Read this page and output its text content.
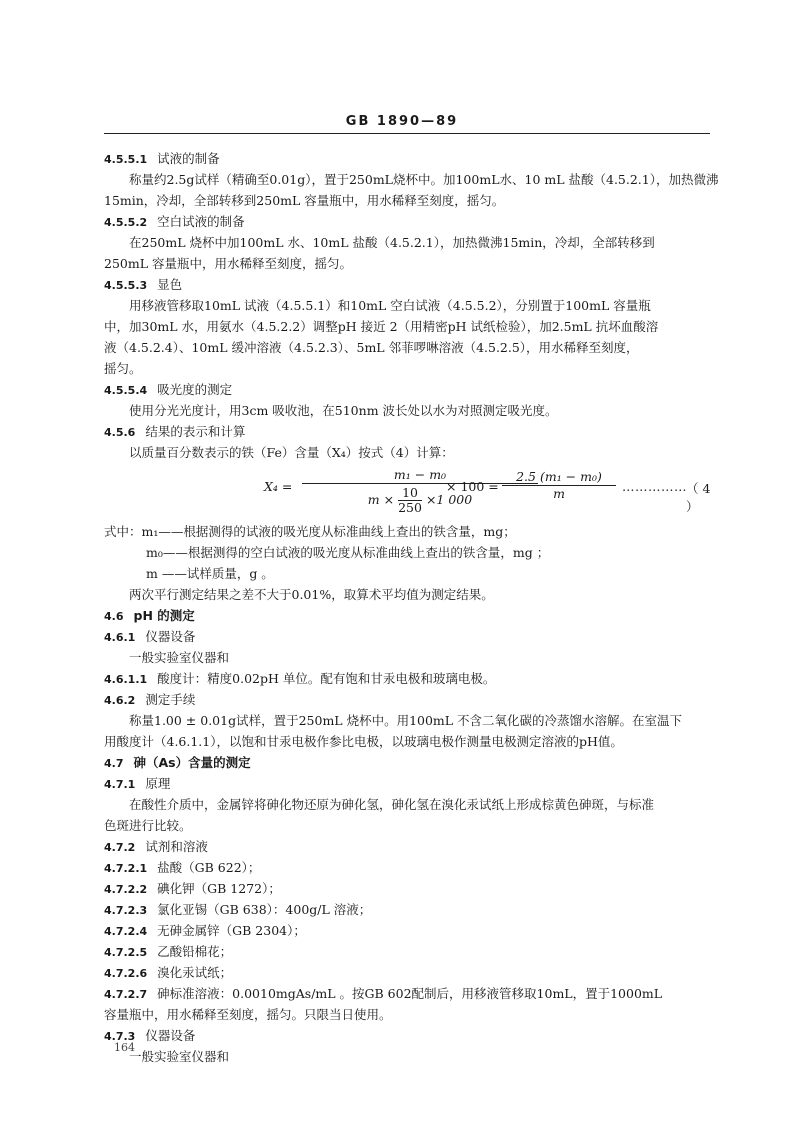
GB 1890—89
4.5.5.1 试液的制备
称量约2.5g试样（精确至0.01g），置于250mL烧杯中。加100mL水、10 mL 盐酸（4.5.2.1），加热微沸
15min，冷却，全部转移到250mL 容量瓶中，用水稀释至刻度，摇匀。
4.5.5.2 空白试液的制备
在250mL 烧杯中加100mL 水、10mL 盐酸（4.5.2.1），加热微沸15min，冷却，全部转移到
250mL 容量瓶中，用水稀释至刻度，摇匀。
4.5.5.3 显色
用移液管移取10mL 试液（4.5.5.1）和10mL 空白试液（4.5.5.2），分别置于100mL 容量瓶
中，加30mL 水，用氨水（4.5.2.2）调整pH 接近 2（用精密pH 试纸检验），加2.5mL 抗坏血酸溶
液（4.5.2.4）、10mL 缓冲溶液（4.5.2.3）、5mL 邻菲啰啉溶液（4.5.2.5），用水稀释至刻度，
摇匀。
4.5.5.4 吸光度的测定
使用分光光度计，用3cm 吸收池，在510nm 波长处以水为对照测定吸光度。
4.5.6 结果的表示和计算
以质量百分数表示的铁（Fe）含量（X₄）按式（4）计算：
X₄ =
m₁ − m₀
$m \times \frac{10}{250} \times 1$ 000
× $100 = \frac{\text{2.5 (m₁ − m₀)}}{m}$ …………… （ 4 ）
式中：m₁——根据测得的试液的吸光度从标准曲线上查出的铁含量，mg；
m₀——根据测得的空白试液的吸光度从标准曲线上查出的铁含量，mg ；
m ——试样质量，g 。
两次平行测定结果之差不大于0.01%，取算术平均值为测定结果。
4.6 pH 的测定
4.6.1 仪器设备
一般实验室仪器和
4.6.1.1 酸度计：精度0.02pH 单位。配有饱和甘汞电极和玻璃电极。
4.6.2 测定手续
称量1.00 ± 0.01g试样，置于250mL 烧杯中。用100mL 不含二氧化碳的冷蒸馏水溶解。在室温下
用酸度计（4.6.1.1），以饱和甘汞电极作参比电极，以玻璃电极作测量电极测定溶液的pH值。
4.7 砷（As）含量的测定
4.7.1 原理
在酸性介质中，金属锌将砷化物还原为砷化氢，砷化氢在溴化汞试纸上形成棕黄色砷斑，与标准
色斑进行比较。
4.7.2 试剂和溶液
4.7.2.1 盐酸（GB 622）；
4.7.2.2 碘化钾（GB 1272）；
4.7.2.3 氯化亚锡（GB 638）：400g/L 溶液；
4.7.2.4 无砷金属锌（GB 2304）；
4.7.2.5 乙酸铅棉花；
4.7.2.6 溴化汞试纸；
4.7.2.7 砷标准溶液：0.0010mgAs/mL 。按GB 602配制后，用移液管移取10mL，置于1000mL
容量瓶中，用水稀释至刻度，摇匀。只限当日使用。
4.7.3 仪器设备
一般实验室仪器和
164
